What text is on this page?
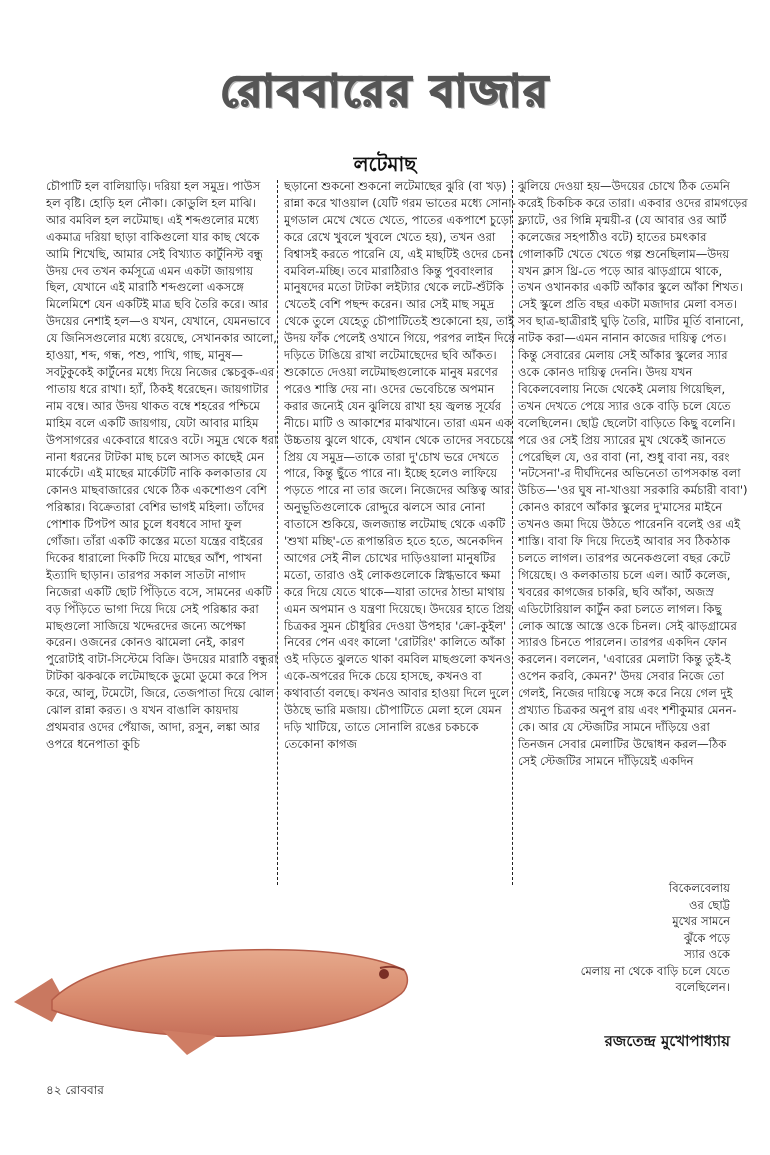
রোববারের বাজার
লটেমাছ

চৌপাটি হল বালিয়াড়ি। দরিয়া হল সমুদ্র। পাউস হল বৃষ্টি। হোড়ি হল নৌকা। কোডুলি হল মাঝি। আর বমবিল হল লটেমাছ। এই শব্দগুলোর মধ্যে একমাত্র দরিয়া ছাড়া বাকিগুলো যার কাছ থেকে আমি শিখেছি, আমার সেই বিখ্যাত কার্টুনিস্ট বন্ধু উদয় দেব তখন কর্মসূত্রে এমন একটা জায়গায় ছিল, যেখানে এই মারাঠি শব্দগুলো একসঙ্গে মিলেমিশে যেন একটিই মাত্র ছবি তৈরি করে। আর উদয়ের নেশাই হল—ও যখন, যেখানে, যেমনভাবে যে জিনিসগুলোর মধ্যে রয়েছে, সেখানকার আলো, হাওয়া, শব্দ, গন্ধ, পশু, পাখি, গাছ, মানুষ—সবটুকুকেই কার্টুনের মধ্যে দিয়ে নিজের স্কেচবুক-এর পাতায় ধরে রাখা। হ্যাঁ, ঠিকই ধরেছেন। জায়গাটার নাম বম্বে। আর উদয় থাকত বম্বে শহরের পশ্চিমে মাহিম বলে একটি জায়গায়, যেটা আবার মাহিম উপসাগরের একেবারে ধারেও বটে। সমুদ্র থেকে ধরা নানা ধরনের টাটকা মাছ চলে আসত কাছেই মেন মার্কেটে। এই মাছের মার্কেটটি নাকি কলকাতার যে কোনও মাছবাজারের থেকে ঠিক একশোগুণ বেশি পরিষ্কার। বিক্রেতারা বেশির ভাগই মহিলা। তাঁদের পোশাক টিপটপ আর চুলে ধবধবে সাদা ফুল গোঁজা। তাঁরা একটি কাস্তের মতো যন্ত্রের বাইরের দিকের ধারালো দিকটি দিয়ে মাছের আঁশ, পাখনা ইত্যাদি ছাড়ান। তারপর সকাল সাতটা নাগাদ নিজেরা একটি ছোট পিঁড়িতে বসে, সামনের একটি বড় পিঁড়িতে ভাগা দিয়ে দিয়ে সেই পরিষ্কার করা মাছগুলো সাজিয়ে খদ্দেরদের জন্যে অপেক্ষা করেন। ওজনের কোনও ঝামেলা নেই, কারণ পুরোটাই বাটা-সিস্টেমে বিক্রি। উদয়ের মারাঠি বন্ধুরা টাটকা ঝকঝকে লটেমাছকে ডুমো ডুমো করে পিস করে, আলু, টমেটো, জিরে, তেজপাতা দিয়ে ঝোল ঝোল রান্না করত। ও যখন বাঙালি কায়দায় প্রথমবার ওদের পেঁয়াজ, আদা, রসুন, লঙ্কা আর ওপরে ধনেপাতা কুচি

ছড়ানো শুকনো শুকনো লটেমাছের ঝুরি (বা খড়) রান্না করে খাওয়াল (যেটি গরম ভাতের মধ্যে সোনা-মুগডাল মেখে খেতে খেতে, পাতের একপাশে চুড়ো করে রেখে খুবলে খুবলে খেতে হয়), তখন ওরা বিশ্বাসই করতে পারেনি যে, এই মাছটিই ওদের চেনা বমবিল-মচ্ছি। তবে মারাঠিরাও কিন্তু পুববাংলার মানুষদের মতো টাটকা লইট্যার থেকে লটে-শুঁটকি খেতেই বেশি পছন্দ করেন। আর সেই মাছ সমুদ্র থেকে তুলে যেহেতু চৌপাটিতেই শুকোনো হয়, তাই উদয় ফাঁক পেলেই ওখানে গিয়ে, পরপর লাইন দিয়ে দড়িতে টাঙিয়ে রাখা লটেমাছেদের ছবি আঁকত। শুকোতে দেওয়া লটেমাছগুলোকে মানুষ মরণের পরেও শাস্তি দেয় না। ওদের ভেবেচিন্তে অপমান করার জন্যেই যেন ঝুলিয়ে রাখা হয় জ্বলন্ত সূর্যের নীচে। মাটি ও আকাশের মাঝখানে। তারা এমন এক উচ্চতায় ঝুলে থাকে, যেখান থেকে তাদের সবচেয়ে প্রিয় যে সমুদ্র—তাকে তারা দু'চোখ ভরে দেখতে পারে, কিন্তু ছুঁতে পারে না। ইচ্ছে হলেও লাফিয়ে পড়তে পারে না তার জলে। নিজেদের অস্তিত্ব আর অনুভূতিগুলোকে রোদ্দুরে ঝলসে আর নোনা বাতাসে শুকিয়ে, জলজ্যান্ত লটেমাছ থেকে একটি 'শুখা মচ্ছি'-তে রূপান্তরিত হতে হতে, অনেকদিন আগের সেই নীল চোখের দাড়িওয়ালা মানুষটির মতো, তারাও ওই লোকগুলোকে স্নিগ্ধভাবে ক্ষমা করে দিয়ে যেতে থাকে—যারা তাদের ঠান্ডা মাথায় এমন অপমান ও যন্ত্রণা দিয়েছে। উদয়ের হাতে প্রিয় চিত্রকর সুমন চৌধুরির দেওয়া উপহার 'ক্রো-কুইল' নিবের পেন এবং কালো 'রোটরিং' কালিতে আঁকা ওই দড়িতে ঝুলতে থাকা বমবিল মাছগুলো কখনও একে-অপরের দিকে চেয়ে হাসছে, কখনও বা কথাবার্তা বলছে। কখনও আবার হাওয়া দিলে দুলে উঠছে ভারি মজায়। চৌপাটিতে মেলা হলে যেমন দড়ি খাটিয়ে, তাতে সোনালি রঙের চকচকে তেকোনা কাগজ

ঝুলিয়ে দেওয়া হয়—উদয়ের চোখে ঠিক তেমনি করেই চিকচিক করে তারা। একবার ওদের রামগড়ের ফ্ল্যাটে, ওর গিন্নি মৃন্ময়ী-র (যে আবার ওর আর্ট কলেজের সহপাঠীও বটে) হাতের চমৎকার গোলাকটি খেতে খেতে গল্প শুনেছিলাম—উদয় যখন ক্লাস থ্রি-তে পড়ে আর ঝাড়গ্রামে থাকে, তখন ওখানকার একটি আঁকার স্কুলে আঁকা শিখত। সেই স্কুলে প্রতি বছর একটা মজাদার মেলা বসত। সব ছাত্র-ছাত্রীরাই ঘুড়ি তৈরি, মাটির মূর্তি বানানো, নাটক করা—এমন নানান কাজের দায়িত্ব পেত। কিন্তু সেবারের মেলায় সেই আঁকার স্কুলের স্যার ওকে কোনও দায়িত্ব দেননি। উদয় যখন বিকেলবেলায় নিজে থেকেই মেলায় গিয়েছিল, তখন দেখতে পেয়ে স্যার ওকে বাড়ি চলে যেতে বলেছিলেন। ছোট্ট ছেলেটা বাড়িতে কিছু বলেনি। পরে ওর সেই প্রিয় স্যারের মুখ থেকেই জানতে পেরেছিল যে, ওর বাবা (না, শুধু বাবা নয়, বরং 'নটসেনা'-র দীর্ঘদিনের অভিনেতা তাপসকান্ত বলা উচিত—'ওর ঘুষ না-খাওয়া সরকারি কর্মচারী বাবা') কোনও কারণে আঁকার স্কুলের দু'মাসের মাইনে তখনও জমা দিয়ে উঠতে পারেননি বলেই ওর এই শাস্তি। বাবা ফি দিয়ে দিতেই আবার সব ঠিকঠাক চলতে লাগল। তারপর অনেকগুলো বছর কেটে গিয়েছে। ও কলকাতায় চলে এল। আর্ট কলেজ, খবরের কাগজের চাকরি, ছবি আঁকা, অজস্র এডিটোরিয়াল কার্টুন করা চলতে লাগল। কিছু লোক আস্তে আস্তে ওকে চিনল। সেই ঝাড়গ্রামের স্যারও চিনতে পারলেন। তারপর একদিন ফোন করলেন। বললেন, 'এবারের মেলাটা কিন্তু তুই-ই ওপেন করবি, কেমন?' উদয় সেবার নিজে তো গেলই, নিজের দায়িত্বে সঙ্গে করে নিয়ে গেল দুই প্রখ্যাত চিত্রকর অনুপ রায় এবং শশীকুমার মেনন-কে। আর যে স্টেজটির সামনে দাঁড়িয়ে ওরা তিনজন সেবার মেলাটির উদ্বোধন করল—ঠিক সেই স্টেজটির সামনে দাঁড়িয়েই একদিন

বিকেলবেলায়
ওর ছোট্ট
মুখের সামনে
ঝুঁকে পড়ে
স্যার ওকে
মেলায় না থেকে বাড়ি চলে যেতে
বলেছিলেন।
রজতেন্দ্র মুখোপাধ্যায়
৪২ রোববার
